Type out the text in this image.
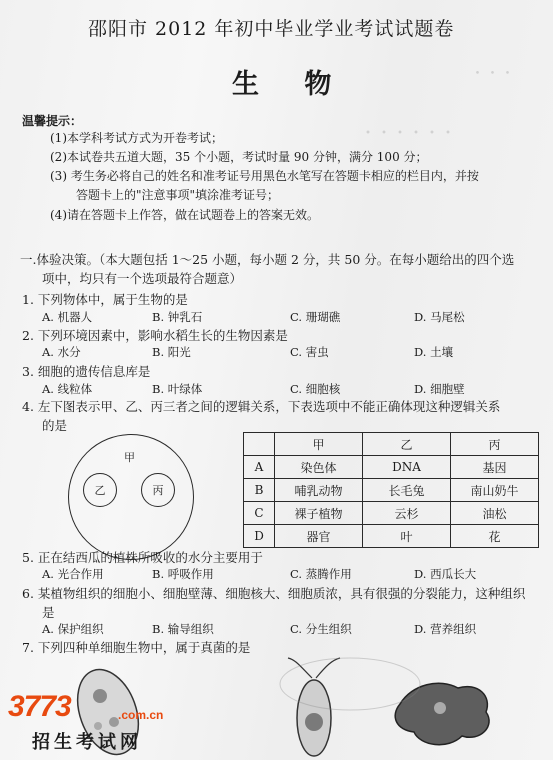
・・・・・・
・・・
邵阳市 2012 年初中毕业学业考试试题卷
生 物
温馨提示：
(1)本学科考试方式为开卷考试；
(2)本试卷共五道大题，35 个小题，考试时量 90 分钟，满分 100 分；
(3) 考生务必将自己的姓名和准考证号用黑色水笔写在答题卡相应的栏目内，并按
答题卡上的"注意事项"填涂准考证号；
(4)请在答题卡上作答，做在试题卷上的答案无效。
一.体验决策。（本大题包括 1～25 小题，每小题 2 分，共 50 分。在每小题给出的四个选
项中，均只有一个选项最符合题意）
1. 下列物体中，属于生物的是
A. 机器人	B. 钟乳石	C. 珊瑚礁	D. 马尾松
2. 下列环境因素中，影响水稻生长的生物因素是
A. 水分	B. 阳光	C. 害虫	D. 土壤
3. 细胞的遗传信息库是
A. 线粒体	B. 叶绿体	C. 细胞核	D. 细胞壁
4. 左下图表示甲、乙、丙三者之间的逻辑关系，下表选项中不能正确体现这种逻辑关系
的是
甲
乙	丙
	甲	乙	丙
A	染色体	DNA	基因
B	哺乳动物	长毛兔	南山奶牛
C	裸子植物	云杉	油松
D	器官	叶	花
5. 正在结西瓜的植株所吸收的水分主要用于
A. 光合作用	B. 呼吸作用	C. 蒸腾作用	D. 西瓜长大
6. 某植物组织的细胞小、细胞壁薄、细胞核大、细胞质浓，具有很强的分裂能力，这种组织
是
A. 保护组织	B. 输导组织	C. 分生组织	D. 营养组织
7. 下列四种单细胞生物中，属于真菌的是
3773	.com.cn
招生考试网
